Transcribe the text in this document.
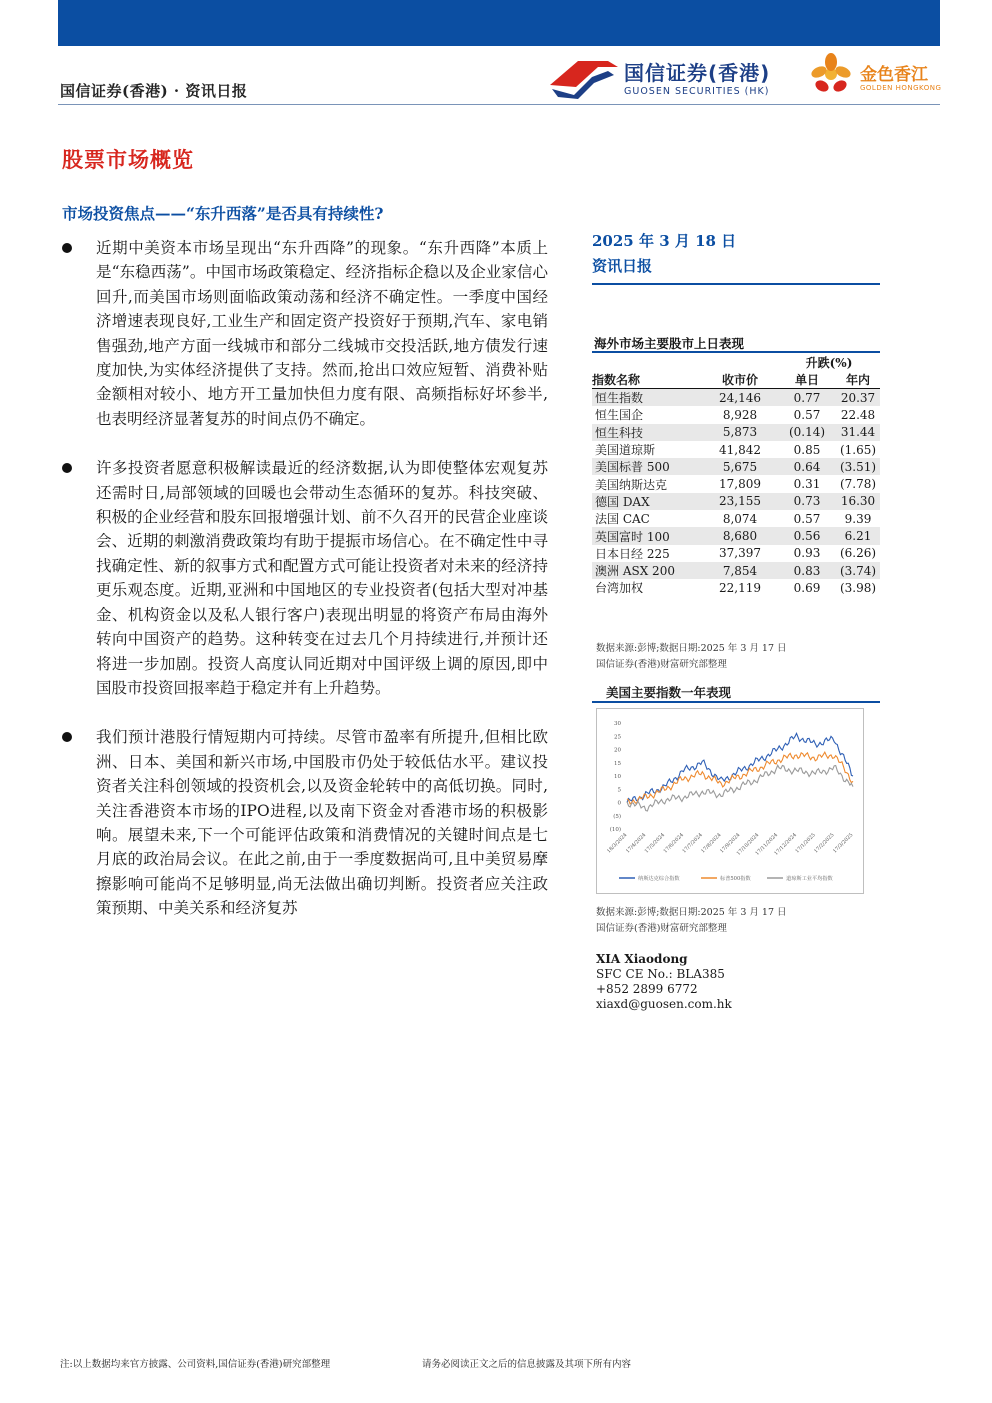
国信证券(香港) · 资讯日报
国信证券(香港)
GUOSEN SECURITIES (HK)
金色香江
GOLDEN HONGKONG
股票市场概览
市场投资焦点——“东升西落”是否具有持续性?
近期中美资本市场呈现出“东升西降”的现象。“东升西降”本质上是“东稳西荡”。中国市场政策稳定、经济指标企稳以及企业家信心回升,而美国市场则面临政策动荡和经济不确定性。一季度中国经济增速表现良好,工业生产和固定资产投资好于预期,汽车、家电销售强劲,地产方面一线城市和部分二线城市交投活跃,地方债发行速度加快,为实体经济提供了支持。然而,抢出口效应短暂、消费补贴金额相对较小、地方开工量加快但力度有限、高频指标好坏参半,也表明经济显著复苏的时间点仍不确定。
许多投资者愿意积极解读最近的经济数据,认为即使整体宏观复苏还需时日,局部领域的回暖也会带动生态循环的复苏。科技突破、积极的企业经营和股东回报增强计划、前不久召开的民营企业座谈会、近期的刺激消费政策均有助于提振市场信心。在不确定性中寻找确定性、新的叙事方式和配置方式可能让投资者对未来的经济持更乐观态度。近期,亚洲和中国地区的专业投资者(包括大型对冲基金、机构资金以及私人银行客户)表现出明显的将资产布局由海外转向中国资产的趋势。这种转变在过去几个月持续进行,并预计还将进一步加剧。投资人高度认同近期对中国评级上调的原因,即中国股市投资回报率趋于稳定并有上升趋势。
我们预计港股行情短期内可持续。尽管市盈率有所提升,但相比欧洲、日本、美国和新兴市场,中国股市仍处于较低估水平。建议投资者关注科创领域的投资机会,以及资金轮转中的高低切换。同时,关注香港资本市场的IPO进程,以及南下资金对香港市场的积极影响。展望未来,下一个可能评估政策和消费情况的关键时间点是七月底的政治局会议。在此之前,由于一季度数据尚可,且中美贸易摩擦影响可能尚不足够明显,尚无法做出确切判断。投资者应关注政策预期、中美关系和经济复苏
2025 年 3 月 18 日
资讯日报
海外市场主要股市上日表现
		升跌(%)	
指数名称	收市价	单日	年内
恒生指数	24,146	0.77	20.37
恒生国企	8,928	0.57	22.48
恒生科技	5,873	(0.14)	31.44
美国道琼斯	41,842	0.85	(1.65)
美国标普 500	5,675	0.64	(3.51)
美国纳斯达克	17,809	0.31	(7.78)
德国 DAX	23,155	0.73	16.30
法国 CAC	8,074	0.57	9.39
英国富时 100	8,680	0.56	6.21
日本日经 225	37,397	0.93	(6.26)
澳洲 ASX 200	7,854	0.83	(3.74)
台湾加权	22,119	0.69	(3.98)
数据来源:彭博;数据日期:2025 年 3 月 17 日
国信证券(香港)财富研究部整理
美国主要指数一年表现
30
25
20
15
10
5
0
(5)
(10)
18/3/2024
17/4/2024
17/5/2024
17/6/2024
17/7/2024
17/8/2024
17/9/2024
17/10/2024
17/11/2024
17/12/2024
17/1/2025
17/2/2025
17/3/2025
纳斯达克综合指数	标普500指数	道琼斯工业平均指数
数据来源:彭博;数据日期:2025 年 3 月 17 日
国信证券(香港)财富研究部整理
XIA Xiaodong
SFC CE No.: BLA385
+852 2899 6772
xiaxd@guosen.com.hk
注:以上数据均来官方披露、公司资料,国信证券(香港)研究部整理	请务必阅读正文之后的信息披露及其项下所有内容
